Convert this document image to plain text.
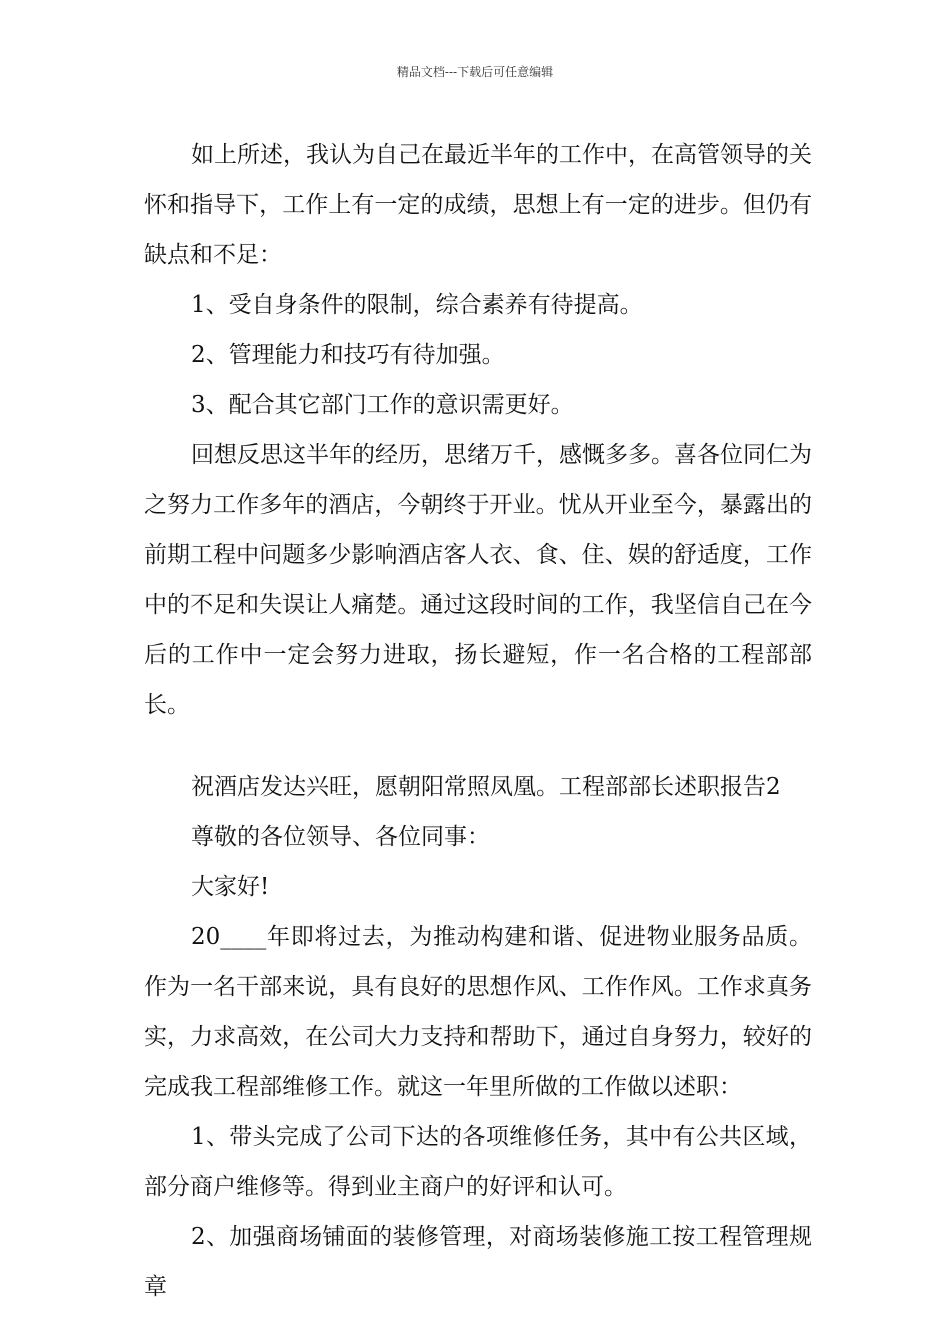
精品文档---下载后可任意编辑

如上所述，我认为自己在最近半年的工作中，在高管领导的关怀和指导下，工作上有一定的成绩，思想上有一定的进步。但仍有缺点和不足：

1、受自身条件的限制，综合素养有待提高。

2、管理能力和技巧有待加强。

3、配合其它部门工作的意识需更好。

回想反思这半年的经历，思绪万千，感慨多多。喜各位同仁为之努力工作多年的酒店，今朝终于开业。忧从开业至今，暴露出的前期工程中问题多少影响酒店客人衣、食、住、娱的舒适度，工作中的不足和失误让人痛楚。通过这段时间的工作，我坚信自己在今后的工作中一定会努力进取，扬长避短，作一名合格的工程部部长。

祝酒店发达兴旺，愿朝阳常照凤凰。工程部部长述职报告2

尊敬的各位领导、各位同事：

大家好!

20____年即将过去，为推动构建和谐、促进物业服务品质。作为一名干部来说，具有良好的思想作风、工作作风。工作求真务实，力求高效，在公司大力支持和帮助下，通过自身努力，较好的完成我工程部维修工作。就这一年里所做的工作做以述职：

1、带头完成了公司下达的各项维修任务，其中有公共区域，部分商户维修等。得到业主商户的好评和认可。

2、加强商场铺面的装修管理，对商场装修施工按工程管理规章
